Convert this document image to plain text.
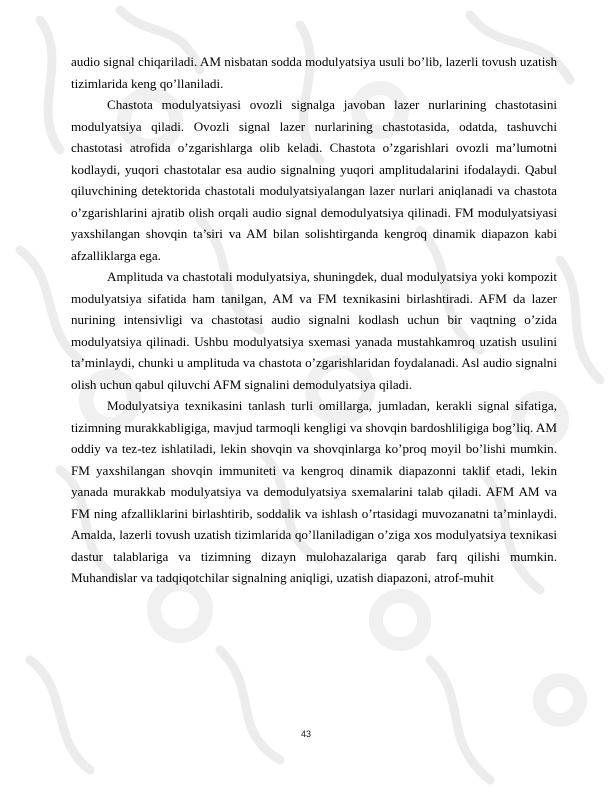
audio signal chiqariladi. AM nisbatan sodda modulyatsiya usuli bo’lib, lazerli tovush uzatish tizimlarida keng qo’llaniladi.

Chastota modulyatsiyasi ovozli signalga javoban lazer nurlarining chastotasini modulyatsiya qiladi. Ovozli signal lazer nurlarining chastotasida, odatda, tashuvchi chastotasi atrofida o’zgarishlarga olib keladi. Chastota o’zgarishlari ovozli ma’lumotni kodlaydi, yuqori chastotalar esa audio signalning yuqori amplitudalarini ifodalaydi. Qabul qiluvchining detektorida chastotali modulyatsiyalangan lazer nurlari aniqlanadi va chastota o’zgarishlarini ajratib olish orqali audio signal demodulyatsiya qilinadi. FM modulyatsiyasi yaxshilangan shovqin ta’siri va AM bilan solishtirganda kengroq dinamik diapazon kabi afzalliklarga ega.

Amplituda va chastotali modulyatsiya, shuningdek, dual modulyatsiya yoki kompozit modulyatsiya sifatida ham tanilgan, AM va FM texnikasini birlashtiradi. AFM da lazer nurining intensivligi va chastotasi audio signalni kodlash uchun bir vaqtning o’zida modulyatsiya qilinadi. Ushbu modulyatsiya sxemasi yanada mustahkamroq uzatish usulini ta’minlaydi, chunki u amplituda va chastota o’zgarishlaridan foydalanadi. Asl audio signalni olish uchun qabul qiluvchi AFM signalini demodulyatsiya qiladi.

Modulyatsiya texnikasini tanlash turli omillarga, jumladan, kerakli signal sifatiga, tizimning murakkabligiga, mavjud tarmoqli kengligi va shovqin bardoshliligiga bog’liq. AM oddiy va tez-tez ishlatiladi, lekin shovqin va shovqinlarga ko’proq moyil bo’lishi mumkin. FM yaxshilangan shovqin immuniteti va kengroq dinamik diapazonni taklif etadi, lekin yanada murakkab modulyatsiya va demodulyatsiya sxemalarini talab qiladi. AFM AM va FM ning afzalliklarini birlashtirib, soddalik va ishlash o’rtasidagi muvozanatni ta’minlaydi. Amalda, lazerli tovush uzatish tizimlarida qo’llaniladigan o’ziga xos modulyatsiya texnikasi dastur talablariga va tizimning dizayn mulohazalariga qarab farq qilishi mumkin. Muhandislar va tadqiqotchilar signalning aniqligi, uzatish diapazoni, atrof-muhit

43
